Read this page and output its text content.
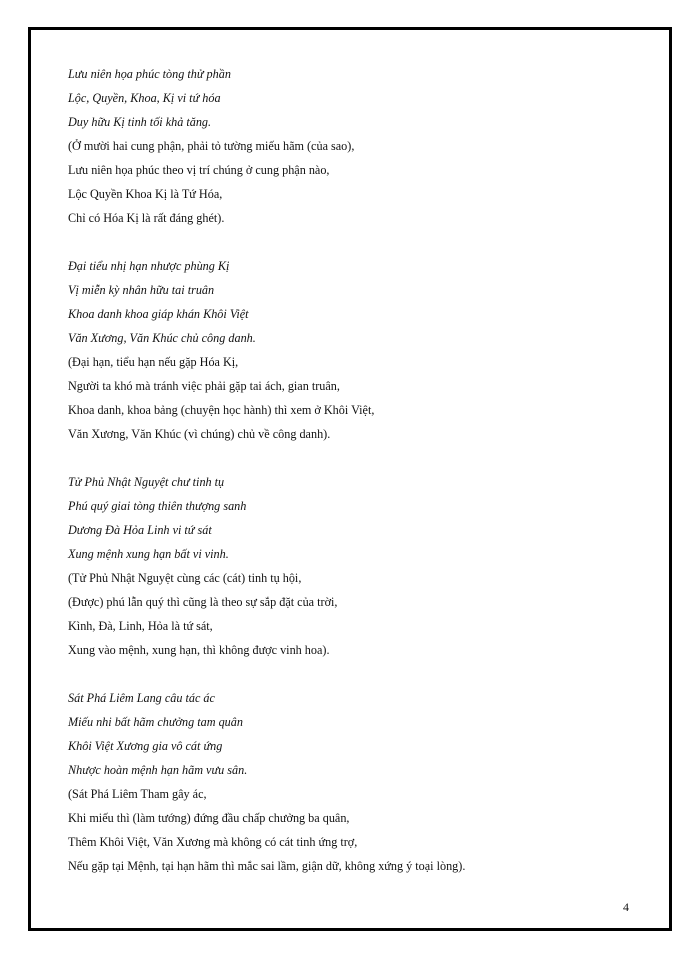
Lưu niên họa phúc tòng thử phần
Lộc, Quyền, Khoa, Kị vi tứ hóa
Duy hữu Kị tinh tối khả tăng.
(Ở mười hai cung phận, phải tỏ tường miếu hãm (của sao),
Lưu niên họa phúc theo vị trí chúng ở cung phận nào,
Lộc Quyền Khoa Kị là Tứ Hóa,
Chỉ có Hóa Kị là rất đáng ghét).
Đại tiểu nhị hạn nhược phùng Kị
Vị miễn kỳ nhân hữu tai truân
Khoa danh khoa giáp khán Khôi Việt
Văn Xương, Văn Khúc chủ công danh.
(Đại hạn, tiểu hạn nếu gặp Hóa Kị,
Người ta khó mà tránh việc phải gặp tai ách, gian truân,
Khoa danh, khoa bảng (chuyện học hành) thì xem ở Khôi Việt,
Văn Xương, Văn Khúc (vì chúng) chủ về công danh).
Tử Phủ Nhật Nguyệt chư tinh tụ
Phú quý giai tòng thiên thượng sanh
Dương Đà Hỏa Linh vi tứ sát
Xung mệnh xung hạn bất vi vinh.
(Tử Phủ Nhật Nguyệt cùng các (cát) tinh tụ hội,
(Được) phú lẫn quý thì cũng là theo sự sắp đặt của trời,
Kình, Đà, Linh, Hỏa là tứ sát,
Xung vào mệnh, xung hạn, thì không được vinh hoa).
Sát Phá Liêm Lang câu tác ác
Miếu nhi bất hãm chưởng tam quân
Khôi Việt Xương gia vô cát ứng
Nhược hoàn mệnh hạn hãm vưu sân.
(Sát Phá Liêm Tham gây ác,
Khi miếu thì (làm tướng) đứng đầu chấp chưởng ba quân,
Thêm Khôi Việt, Văn Xương mà không có cát tinh ứng trợ,
Nếu gặp tại Mệnh, tại hạn hãm thì mắc sai lầm, giận dữ, không xứng ý toại lòng).
4
